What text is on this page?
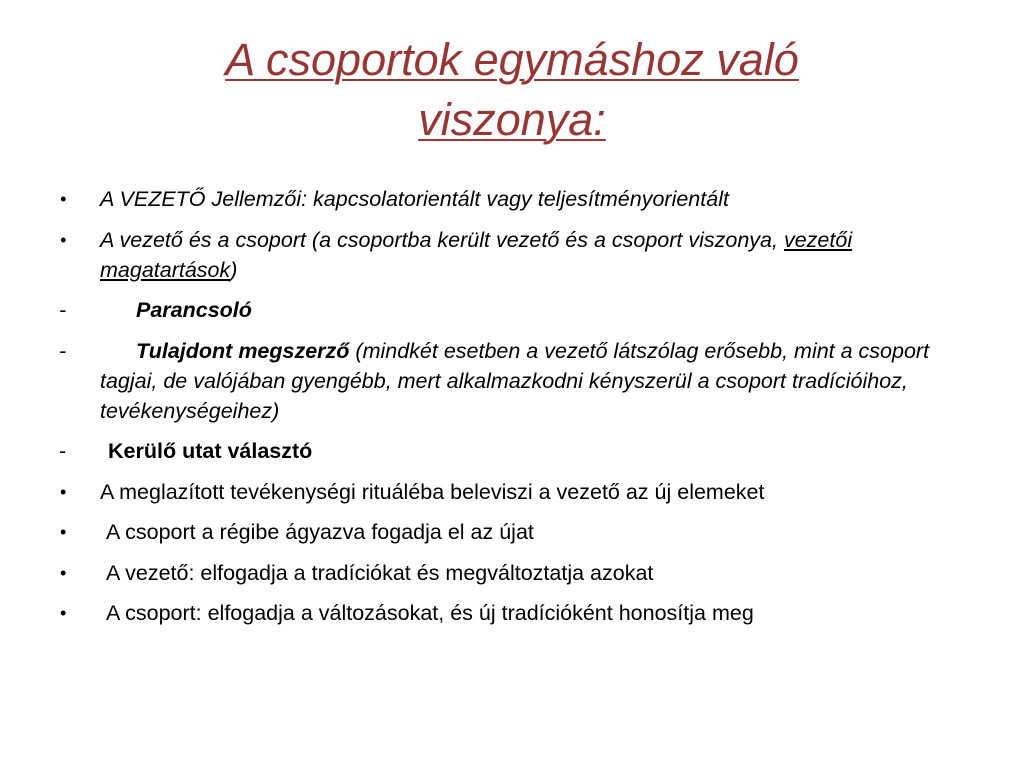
A csoportok egymáshoz való
viszonya:
•	A VEZETŐ Jellemzői: kapcsolatorientált vagy teljesítményorientált
•	A vezető és a csoport (a csoportba került vezető és a csoport viszonya, vezetői magatartások)
-	Parancsoló
-	Tulajdont megszerző (mindkét esetben a vezető látszólag erősebb, mint a csoport tagjai, de valójában gyengébb, mert alkalmazkodni kényszerül a csoport tradícióihoz, tevékenységeihez)
-	Kerülő utat választó
•	A meglazított tevékenységi rituáléba beleviszi a vezető az új elemeket
•	A csoport a régibe ágyazva fogadja el az újat
•	A vezető: elfogadja a tradíciókat és megváltoztatja azokat
•	A csoport: elfogadja a változásokat, és új tradícióként honosítja meg
